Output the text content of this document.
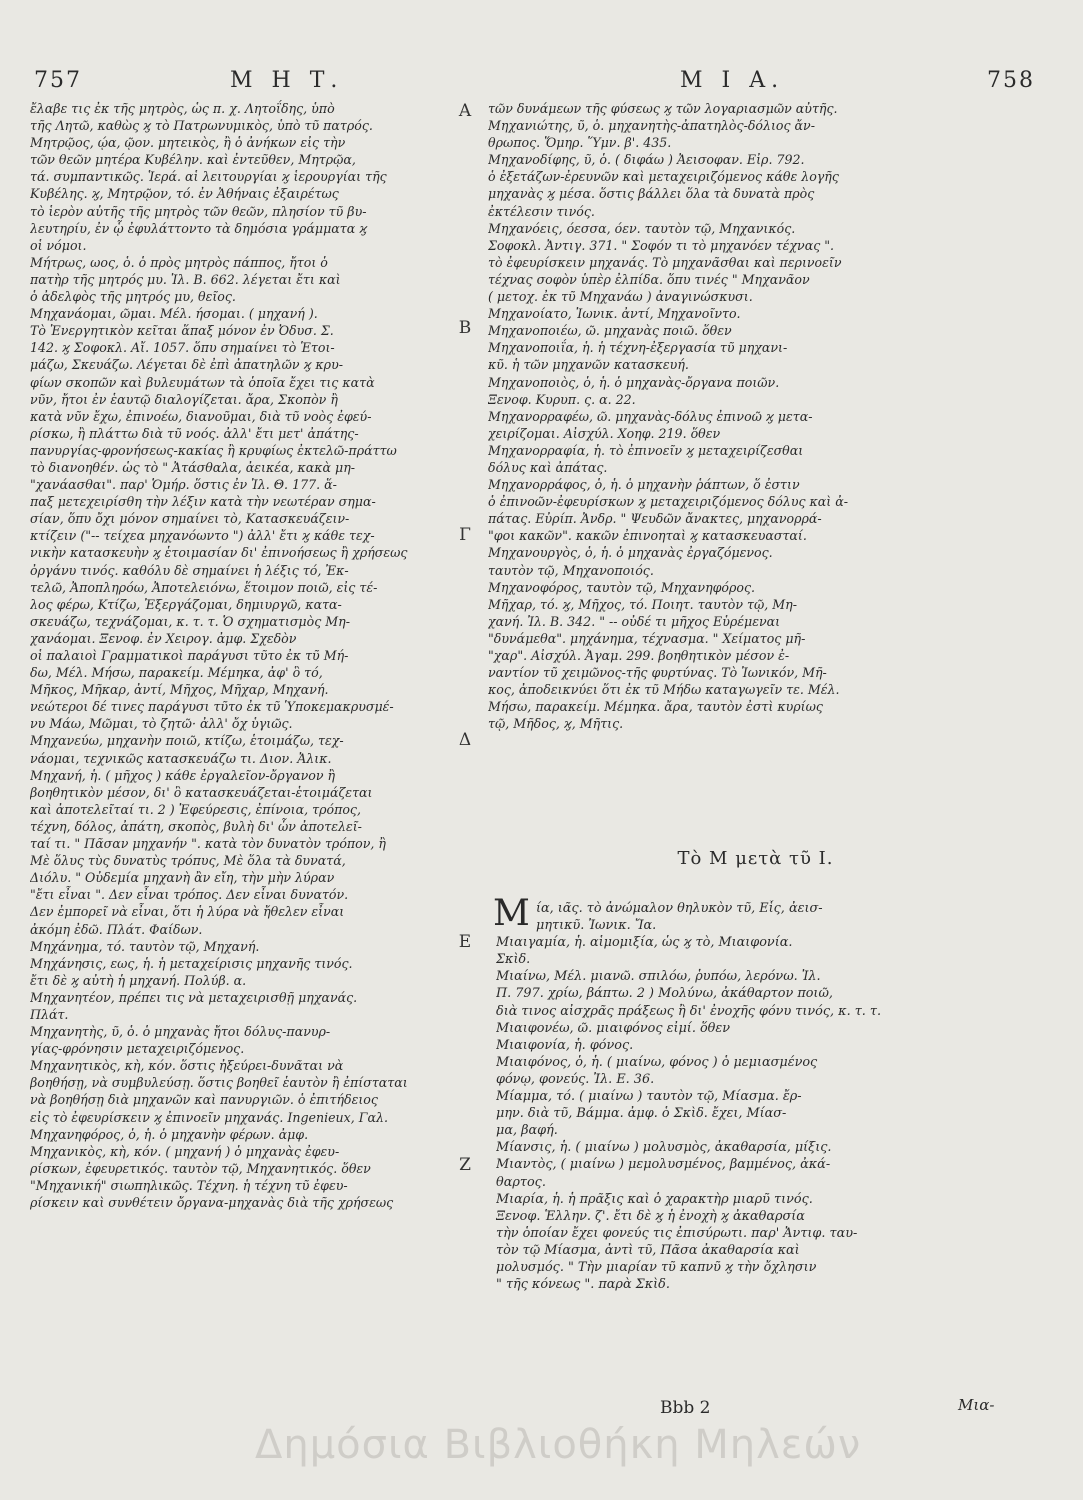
757	Μ Η Τ.	Μ Ι Α.	758
ἔλαβε τις ἐκ τῆς μητρὸς, ὡς π. χ. Λητοΐδης, ὑπὸ
τῆς Λητῶ, καθὼς ϗ τὸ Πατρωνυμικὸς, ὑπὸ τῦ πατρός.
Μητρῷος, ῴα, ῷον. μητεικὸς, ἢ ὁ ἀνήκων εἰς τὴν
τῶν θεῶν μητέρα Κυβέλην. καὶ ἐντεῦθεν, Μητρῷα,
τά. συμπαντικῶς. Ἱερά. αἱ λειτουργίαι ϗ ἱερουργίαι τῆς
Κυβέλης. ϗ, Μητρῷον, τό. ἐν Ἀθήναις ἐξαιρέτως
τὸ ἱερὸν αὐτῆς τῆς μητρὸς τῶν θεῶν, πλησίον τῦ βυ-
λευτηρίυ, ἐν ᾧ ἐφυλάττοντο τὰ δημόσια γράμματα ϗ
οἱ νόμοι.
Μήτρως, ωος, ὁ. ὁ πρὸς μητρὸς πάππος, ἤτοι ὁ
πατὴρ τῆς μητρός μυ. Ἰλ. Β. 662. λέγεται ἔτι καὶ
ὁ ἀδελφὸς τῆς μητρός μυ, θεῖος.
Μηχανάομαι, ῶμαι. Μέλ. ήσομαι. ( μηχανή ).
Τὸ Ἐνεργητικὸν κεῖται ἅπαξ μόνον ἐν Ὀδυσ. Σ.
142. ϗ Σοφοκλ. Αἴ. 1057. ὅπυ σημαίνει τὸ Ἑτοι-
μάζω, Σκευάζω. Λέγεται δὲ ἐπὶ ἀπατηλῶν ϗ κρυ-
φίων σκοπῶν καὶ βυλευμάτων τὰ ὁποῖα ἔχει τις κατὰ
νῦν, ἤτοι ἐν ἑαυτῷ διαλογίζεται. ἄρα, Σκοπὸν ἢ
κατὰ νῦν ἔχω, ἐπινοέω, διανοῦμαι, διὰ τῦ νοὸς ἐφεύ-
ρίσκω, ἢ πλάττω διὰ τῦ νοός. ἀλλ' ἔτι μετ' ἀπάτης-
πανυργίας-φρονήσεως-κακίας ἢ κρυφίως ἐκτελῶ-πράττω
τὸ διανοηθέν. ὡς τὸ " Ἀτάσθαλα, ἀεικέα, κακὰ μη-
"χανάασθαι". παρ' Ὁμήρ. ὅστις ἐν Ἰλ. Θ. 177. ἅ-
παξ μετεχειρίσθη τὴν λέξιν κατὰ τὴν νεωτέραν σημα-
σίαν, ὅπυ ὄχι μόνον σημαίνει τὸ, Κατασκευάζειν-
κτίζειν ("-- τείχεα μηχανόωντο ") ἀλλ' ἔτι ϗ κάθε τεχ-
νικὴν κατασκευὴν ϗ ἑτοιμασίαν δι' ἐπινοήσεως ἢ χρήσεως
ὀργάνυ τινός. καθόλυ δὲ σημαίνει ἡ λέξις τό, Ἐκ-
τελῶ, Ἀποπληρόω, Ἀποτελειόνω, ἕτοιμον ποιῶ, εἰς τέ-
λος φέρω, Κτίζω, Ἐξεργάζομαι, δημιυργῶ, κατα-
σκευάζω, τεχνάζομαι, κ. τ. τ. Ὁ σχηματισμὸς Μη-
χανάομαι. Ξενοφ. ἐν Χειρογ. ἀμφ. Σχεδὸν
οἱ παλαιοὶ Γραμματικοὶ παράγυσι τῦτο ἐκ τῦ Μή-
δω, Μέλ. Μήσω, παρακείμ. Μέμηκα, ἀφ' ὃ τό,
Μῆκος, Μῆκαρ, ἀντί, Μῆχος, Μῆχαρ, Μηχανή.
νεώτεροι δέ τινες παράγυσι τῦτο ἐκ τῦ Ὑποκεμακρυσμέ-
νυ Μάω, Μῶμαι, τὸ ζητῶ· ἀλλ' ὄχ ὑγιῶς.
Μηχανεύω, μηχανὴν ποιῶ, κτίζω, ἑτοιμάζω, τεχ-
νάομαι, τεχνικῶς κατασκευάζω τι. Διον. Ἀλικ.
Μηχανή, ἡ. ( μῆχος ) κάθε ἐργαλεῖον-ὄργανον ἢ
βοηθητικὸν μέσον, δι' ὃ κατασκευάζεται-ἑτοιμάζεται
καὶ ἀποτελεῖταί τι. 2 ) Ἐφεύρεσις, ἐπίνοια, τρόπος,
τέχνη, δόλος, ἀπάτη, σκοπὸς, βυλὴ δι' ὧν ἀποτελεῖ-
ταί τι. " Πᾶσαν μηχανήν ". κατὰ τὸν δυνατὸν τρόπον, ἢ
Μὲ ὅλυς τὺς δυνατὺς τρόπυς, Μὲ ὅλα τὰ δυνατά,
Διόλυ. " Οὐδεμία μηχανὴ ἂν εἴη, τὴν μὴν λύραν
"ἔτι εἶναι ". Δεν εἶναι τρόπος. Δεν εἶναι δυνατόν.
Δεν ἐμπορεῖ νὰ εἶναι, ὅτι ἡ λύρα νὰ ἤθελεν εἶναι
ἀκόμη ἐδῶ. Πλάτ. Φαίδων.
Μηχάνημα, τό. ταυτὸν τῷ, Μηχανή.
Μηχάνησις, εως, ἡ. ἡ μεταχείρισις μηχανῆς τινός.
ἔτι δὲ ϗ αὐτὴ ἡ μηχανή. Πολύβ. α.
Μηχανητέον, πρέπει τις νὰ μεταχειρισθῇ μηχανάς.
Πλάτ.
Μηχανητὴς, ῦ, ὁ. ὁ μηχανὰς ἤτοι δόλυς-πανυρ-
γίας-φρόνησιν μεταχειριζόμενος.
Μηχανητικὸς, κὴ, κόν. ὅστις ἠξεύρει-δυνᾶται νὰ
βοηθήσῃ, νὰ συμβυλεύσῃ. ὅστις βοηθεῖ ἑαυτὸν ἢ ἐπίσταται
νὰ βοηθήσῃ διὰ μηχανῶν καὶ πανυργιῶν. ὁ ἐπιτήδειος
εἰς τὸ ἐφευρίσκειν ϗ ἐπινοεῖν μηχανάς. Ingenieux, Γαλ.
Μηχανηφόρος, ὁ, ἡ. ὁ μηχανὴν φέρων. ἀμφ.
Μηχανικὸς, κὴ, κόν. ( μηχανή ) ὁ μηχανὰς ἐφευ-
ρίσκων, ἐφευρετικός. ταυτὸν τῷ, Μηχανητικός. ὅθεν
"Μηχανική" σιωπηλικῶς. Τέχνη. ἡ τέχνη τῦ ἐφευ-
ρίσκειν καὶ συνθέτειν ὄργανα-μηχανὰς διὰ τῆς χρήσεως
τῶν δυνάμεων τῆς φύσεως ϗ τῶν λογαριασμῶν αὐτῆς.
Μηχανιώτης, ῦ, ὁ. μηχανητὴς-ἀπατηλὸς-δόλιος ἄν-
θρωπος. Ὅμηρ. Ὕμν. β'. 435.
Μηχανοδίφης, ῦ, ὁ. ( διφάω ) Ἀεισοφαν. Εἰρ. 792.
ὁ ἐξετάζων-ἐρευνῶν καὶ μεταχειριζόμενος κάθε λογῆς
μηχανὰς ϗ μέσα. ὅστις βάλλει ὅλα τὰ δυνατὰ πρὸς
ἐκτέλεσιν τινός.
Μηχανόεις, όεσσα, όεν. ταυτὸν τῷ, Μηχανικός.
Σοφοκλ. Ἀντιγ. 371. " Σοφόν τι τὸ μηχανόεν τέχνας ".
τὸ ἐφευρίσκειν μηχανάς. Τὸ μηχανᾶσθαι καὶ περινοεῖν
τέχνας σοφὸν ὑπὲρ ἐλπίδα. ὅπυ τινές " Μηχανᾶον
( μετοχ. ἐκ τῦ Μηχανάω ) ἀναγινώσκυσι.
Μηχανοίατο, Ἰωνικ. ἀντί, Μηχανοῖντο.
Μηχανοποιέω, ῶ. μηχανὰς ποιῶ. ὅθεν
Μηχανοποιΐα, ἡ. ἡ τέχνη-ἐξεργασία τῦ μηχανι-
κῦ. ἡ τῶν μηχανῶν κατασκευή.
Μηχανοποιὸς, ὁ, ἡ. ὁ μηχανὰς-ὄργανα ποιῶν.
Ξενοφ. Κυρυπ. ς. α. 22.
Μηχανορραφέω, ῶ. μηχανὰς-δόλυς ἐπινοῶ ϗ μετα-
χειρίζομαι. Αἰσχύλ. Χοηφ. 219. ὅθεν
Μηχανορραφία, ἡ. τὸ ἐπινοεῖν ϗ μεταχειρίζεσθαι
δόλυς καὶ ἀπάτας.
Μηχανορράφος, ὁ, ἡ. ὁ μηχανὴν ῥάπτων, ὅ ἐστιν
ὁ ἐπινοῶν-ἐφευρίσκων ϗ μεταχειριζόμενος δόλυς καὶ ἀ-
πάτας. Εὐρίπ. Ἀνδρ. " Ψευδῶν ἄνακτες, μηχανορρά-
"φοι κακῶν". κακῶν ἐπινοηταὶ ϗ κατασκευασταί.
Μηχανουργὸς, ὁ, ἡ. ὁ μηχανὰς ἐργαζόμενος.
ταυτὸν τῷ, Μηχανοποιός.
Μηχανοφόρος, ταυτὸν τῷ, Μηχανηφόρος.
Μῆχαρ, τό. ϗ, Μῆχος, τό. Ποιητ. ταυτὸν τῷ, Μη-
χανή. Ἰλ. Β. 342. " -- οὐδέ τι μῆχος Εὑρέμεναι
"δυνάμεθα". μηχάνημα, τέχνασμα. " Χείματος μῆ-
"χαρ". Αἰσχύλ. Ἀγαμ. 299. βοηθητικὸν μέσον ἐ-
ναντίον τῦ χειμῶνος-τῆς φυρτύνας. Τὸ Ἰωνικόν, Μῆ-
κος, ἀποδεικνύει ὅτι ἐκ τῦ Μήδω καταγωγεῖν τε. Μέλ.
Μήσω, παρακείμ. Μέμηκα. ἄρα, ταυτὸν ἐστὶ κυρίως
τῷ, Μῆδος, ϗ, Μῆτις.
Α
Β
Γ
Δ
Ε
Ζ
Τὸ Μ μετὰ τῦ Ι.
Μ ία, ιᾶς. τὸ ἀνώμαλον θηλυκὸν τῦ, Εἷς, ἀεισ-
μητικῦ. Ἰωνικ. Ἴα.
Μιαιγαμία, ἡ. αἱμομιξία, ὡς ϗ τὸ, Μιαιφονία.
Σκὶδ.
Μιαίνω, Μέλ. μιανῶ. σπιλόω, ῥυπόω, λερόνω. Ἰλ.
Π. 797. χρίω, βάπτω. 2 ) Μολύνω, ἀκάθαρτον ποιῶ,
διὰ τινος αἰσχρᾶς πράξεως ἢ δι' ἐνοχῆς φόνυ τινός, κ. τ. τ.
Μιαιφονέω, ῶ. μιαιφόνος εἰμί. ὅθεν
Μιαιφονία, ἡ. φόνος.
Μιαιφόνος, ὁ, ἡ. ( μιαίνω, φόνος ) ὁ μεμιασμένος
φόνῳ, φονεύς. Ἰλ. Ε. 36.
Μίαμμα, τό. ( μιαίνω ) ταυτὸν τῷ, Μίασμα. ἔρ-
μην. διὰ τῦ, Βάμμα. ἀμφ. ὁ Σκὶδ. ἔχει, Μίασ-
μα, βαφή.
Μίανσις, ἡ. ( μιαίνω ) μολυσμὸς, ἀκαθαρσία, μίξις.
Μιαντὸς, ( μιαίνω ) μεμολυσμένος, βαμμένος, ἀκά-
θαρτος.
Μιαρία, ἡ. ἡ πρᾶξις καὶ ὁ χαρακτὴρ μιαρῦ τινός.
Ξενοφ. Ἑλλην. ζ'. ἔτι δὲ ϗ ἡ ἐνοχὴ ϗ ἀκαθαρσία
τὴν ὁποίαν ἔχει φονεύς τις ἐπισύρωτι. παρ' Ἀντιφ. ταυ-
τὸν τῷ Μίασμα, ἀντὶ τῦ, Πᾶσα ἀκαθαρσία καὶ
μολυσμός. " Τὴν μιαρίαν τῦ καπνῦ ϗ τὴν ὄχλησιν
" τῆς κόνεως ". παρὰ Σκὶδ.
Bbb 2	Μια-
Δημόσια Βιβλιοθήκη Μηλεών
